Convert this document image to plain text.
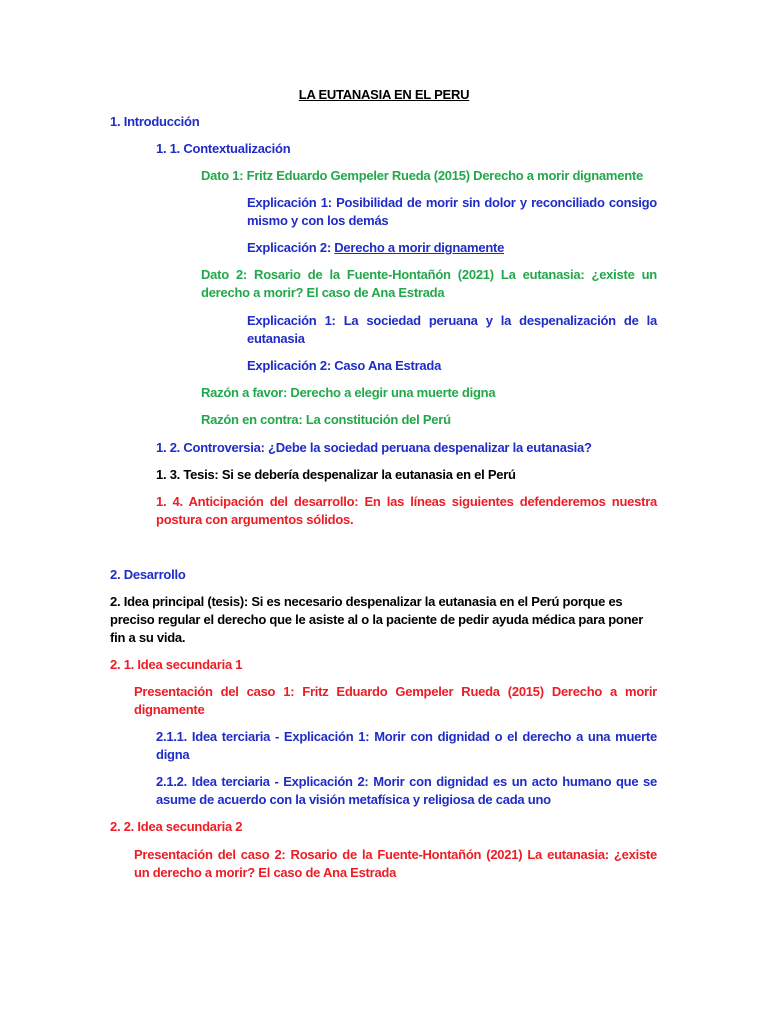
LA EUTANASIA EN EL PERU
1. Introducción
1. 1. Contextualización
Dato 1: Fritz Eduardo Gempeler Rueda (2015) Derecho a morir dignamente
Explicación 1: Posibilidad de morir sin dolor y reconciliado consigo mismo y con los demás
Explicación 2: Derecho a morir dignamente
Dato 2: Rosario de la Fuente-Hontañón (2021) La eutanasia: ¿existe un derecho a morir? El caso de Ana Estrada
Explicación 1: La sociedad peruana y la despenalización de la eutanasia
Explicación 2: Caso Ana Estrada
Razón a favor: Derecho a elegir una muerte digna
Razón en contra: La constitución del Perú
1. 2. Controversia: ¿Debe la sociedad peruana despenalizar la eutanasia?
1. 3. Tesis: Si se debería despenalizar la eutanasia en el Perú
1. 4. Anticipación del desarrollo: En las líneas siguientes defenderemos nuestra postura con argumentos sólidos.
2. Desarrollo
2. Idea principal (tesis): Si es necesario despenalizar la eutanasia en el Perú porque es preciso regular el derecho que le asiste al o la paciente de pedir ayuda médica para poner fin a su vida.
2. 1. Idea secundaria 1
Presentación del caso 1: Fritz Eduardo Gempeler Rueda (2015) Derecho a morir dignamente
2.1.1. Idea terciaria - Explicación 1: Morir con dignidad o el derecho a una muerte digna
2.1.2. Idea terciaria - Explicación 2: Morir con dignidad es un acto humano que se asume de acuerdo con la visión metafísica y religiosa de cada uno
2. 2. Idea secundaria 2
Presentación del caso 2: Rosario de la Fuente-Hontañón (2021) La eutanasia: ¿existe un derecho a morir? El caso de Ana Estrada
